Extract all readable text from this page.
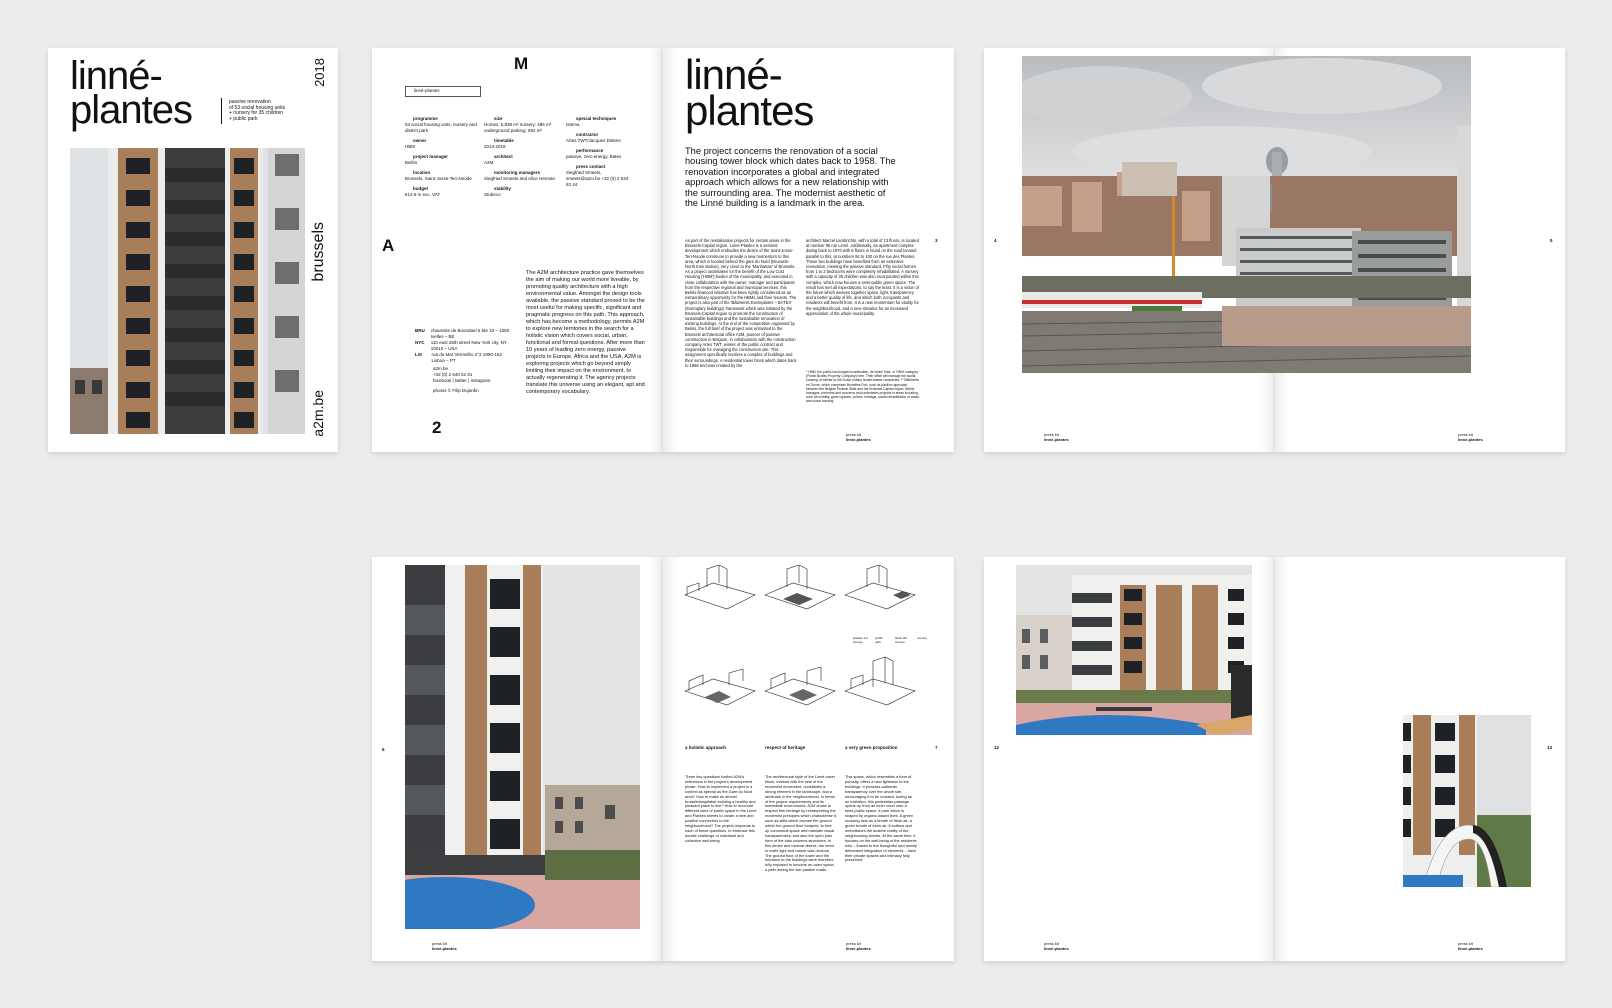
linné-
plantes	passive renovation
of 53 social housing units
+ nursery for 35 children
+ public park
2018
brussels
a2m.be
M
linné-plantes
programme
53 social housing units, nursery and district park
owner
HBM
project manager
Beliris
location
Brussels, Saint-Josse-Ten-Noode
budget
€13.6 m exc. VAT
size
Homes: 5,838 m² nursery: 486 m² underground parking: 582 m²
timetable
2013-2018
architect
A2M
monitoring managers
Siegfried Smeets and Alice Herman
stability
Stubeco
special techniques
Istema
contractor
Artes TWT/Jacques Delens
performance
passive, zero energy, Batex
press contact
Siegfried Smeets, smeets@a2m.be +32 (0) 2 534 63 44
A
BRU chaussée de Boondael 6 bte 10 – 1050 Ixelles – BE
NYC 110 east 25th street New York city, NY 10010 – USA
LIS	rua do Mar Vermelho n°2 1990-152 Lisboa – PT
a2m.be
+32 (0) 2 640 51 81
facebook | twitter | instagram
photos © Filip Dujardin
The A2M architecture practice gave themselves the aim of making our world more liveable, by promoting quality architecture with a high environmental value. Amongst the design tools available, the passive standard proved to be the most useful for making specific, significant and pragmatic progress on this path. This approach, which has become a methodology, permits A2M to explore new territories in the search for a holistic vision which covers social, urban, functional and formal questions. After more than 10 years of leading zero energy, passive projects in Europe, Africa and the USA, A2M is exploring projects which go beyond simply limiting their impact on the environment, to actually regenerating it. The agency projects translate this universe using an elegant, apt and contemporary vocabulary.
2
linné-
plantes
The project concerns the renovation of a social housing tower block which dates back to 1958. The renovation incorporates a global and integrated approach which allows for a new relationship with the surrounding area. The modernist aesthetic of the Linné building is a landmark in the area.
As part of the revitalisation projects for certain areas in the Brussels-Capital region, Linné-Plantes is a seminal development which embodies the desire of the Saint-Josse-Ten-Noode commune to provide a new momentum to this area, which is located behind the gare du Nord (Brussels-North train station), very close to the 'Manhattan' of Brussels. As a project undertaken for the benefit of the Low Cost Housing ('HBM') bodies of the municipality, and executed in close collaboration with the owner, manager and participants from the respective regional and municipal services, this Beliris-financed initiative has been rightly considered as an extraordinary opportunity for the HBMs and their tenants. The project is also part of the 'Bâtiments Exemplaires – BATEX' (Exemplary buildings) framework which was initiated by the Brussels-Capital region to promote the construction of sustainable buildings and the sustainable renovation of existing buildings. At the end of the competition organised by Beliris, the full brief of the project was entrusted to the Brussels architectural office A2M, pioneer of passive construction in Belgium, in collaboration with the construction company Artes TWT, winner of the public contract and responsible for managing the construction site. This assignment specifically involves a complex of buildings and their surroundings. A residential tower block which dates back to 1958 and was created by the
architect Marcel Lambrichts, with a total of 13 floors, is located at number 95 rue Linné. Additionally, an apartment complex dating back to 1970 with 5 floors is found on the road located parallel to this, at numbers 94 to 100 on the rue des Plantes. These two buildings have benefited from an extensive renovation, meeting the passive standard. Fifty social homes from 1 to 3 bedrooms were completely rehabilitated. A nursery with a capacity of 35 children was also incorporated within this complex, which now houses a semi-public green space. The result has met all expectations, to say the least. It is a vision of the future which weaves together space, light, transparency and a better quality of life, and which both occupants and residents will benefit from. It is a new momentum for vitality for the neighbourhood, and a new stimulus for an increased appreciation of the whole municipality.
* HBM, the public low-budget housebuilder, de Notre Toits, or 'HBM' category (Public Bodies Property Company) here. Their office will manage the social housing, of similar to the Dutch unitary tenant-based companies. ** Bâtiments en Tunne, which comprises Bruxelles-Fort, such as pavilion approach between the Belgian Federal State and the Brussels-Capital region. Beliris manages, performs and concerns and undertakes projects in areas including, such as mobility, green spaces, culture, heritage, social rehabilitation of areas and social housing.
3
press kit
linné-plantes
4
press kit
linné-plantes
5
press kit
linné-plantes
6
press kit
linné-plantes
plateau 1st storeys
public park
block 3rd storeys
nursery
a holistic approach	respect of heritage	a very green proposition	7
Three key questions fuelled A2M's reflections in the project's development phase. How to implement a project in a context as special as the Gare du Nord area? How to make an almost brutal/inhospitable building a healthy and pleasant place to live? How to reconcile different uses of public space in the Linné and Plantes streets to create a new and positive connection to the neighbourhood? The project responds to each of these questions, to embrace this double challenge of individual and collective well-being.
The architectural style of the Linné tower block, marked with the seal of the modernist movement, constitutes a strong element in the landscape, and a landmark in the neighbourhood. In terms of the project requirements and its immediate environment, A2M chose to respect this heritage by reinterpreting the modernist principles which characterise it, such as stilts which expose the ground within the ground floor footprint, to free up communal space and maintain visual transparencies, and also the open plan form of the slab columns structures. In this dense and mineral district, the need to invite light and nature was obvious. The ground floor of the tower and the entrance to the buildings were therefore fully exposed to become an open space; a path linking the two parallel roads.
This space, which resembles a form of porosity, offers a new lightness to the buildings. It provides authentic transparency over the whole site, encouraging it to be crossed. Acting as an invitation, this pedestrian passage opens up from an inner court onto a semi-public space, a park which is shaped by organic-based lines. A green crossing acts as a breath of fresh air, a green breath of fresh air. It softens and embellishes the austere reality of the neighbouring streets. At the same time, it focuses on the well-being of the residents who – thanks to the thoughtful and clearly delineated integration of elements – have their private spaces and intimacy fully preserved.
press kit
linné-plantes
12
press kit
linné-plantes
13
press kit
linné-plantes
